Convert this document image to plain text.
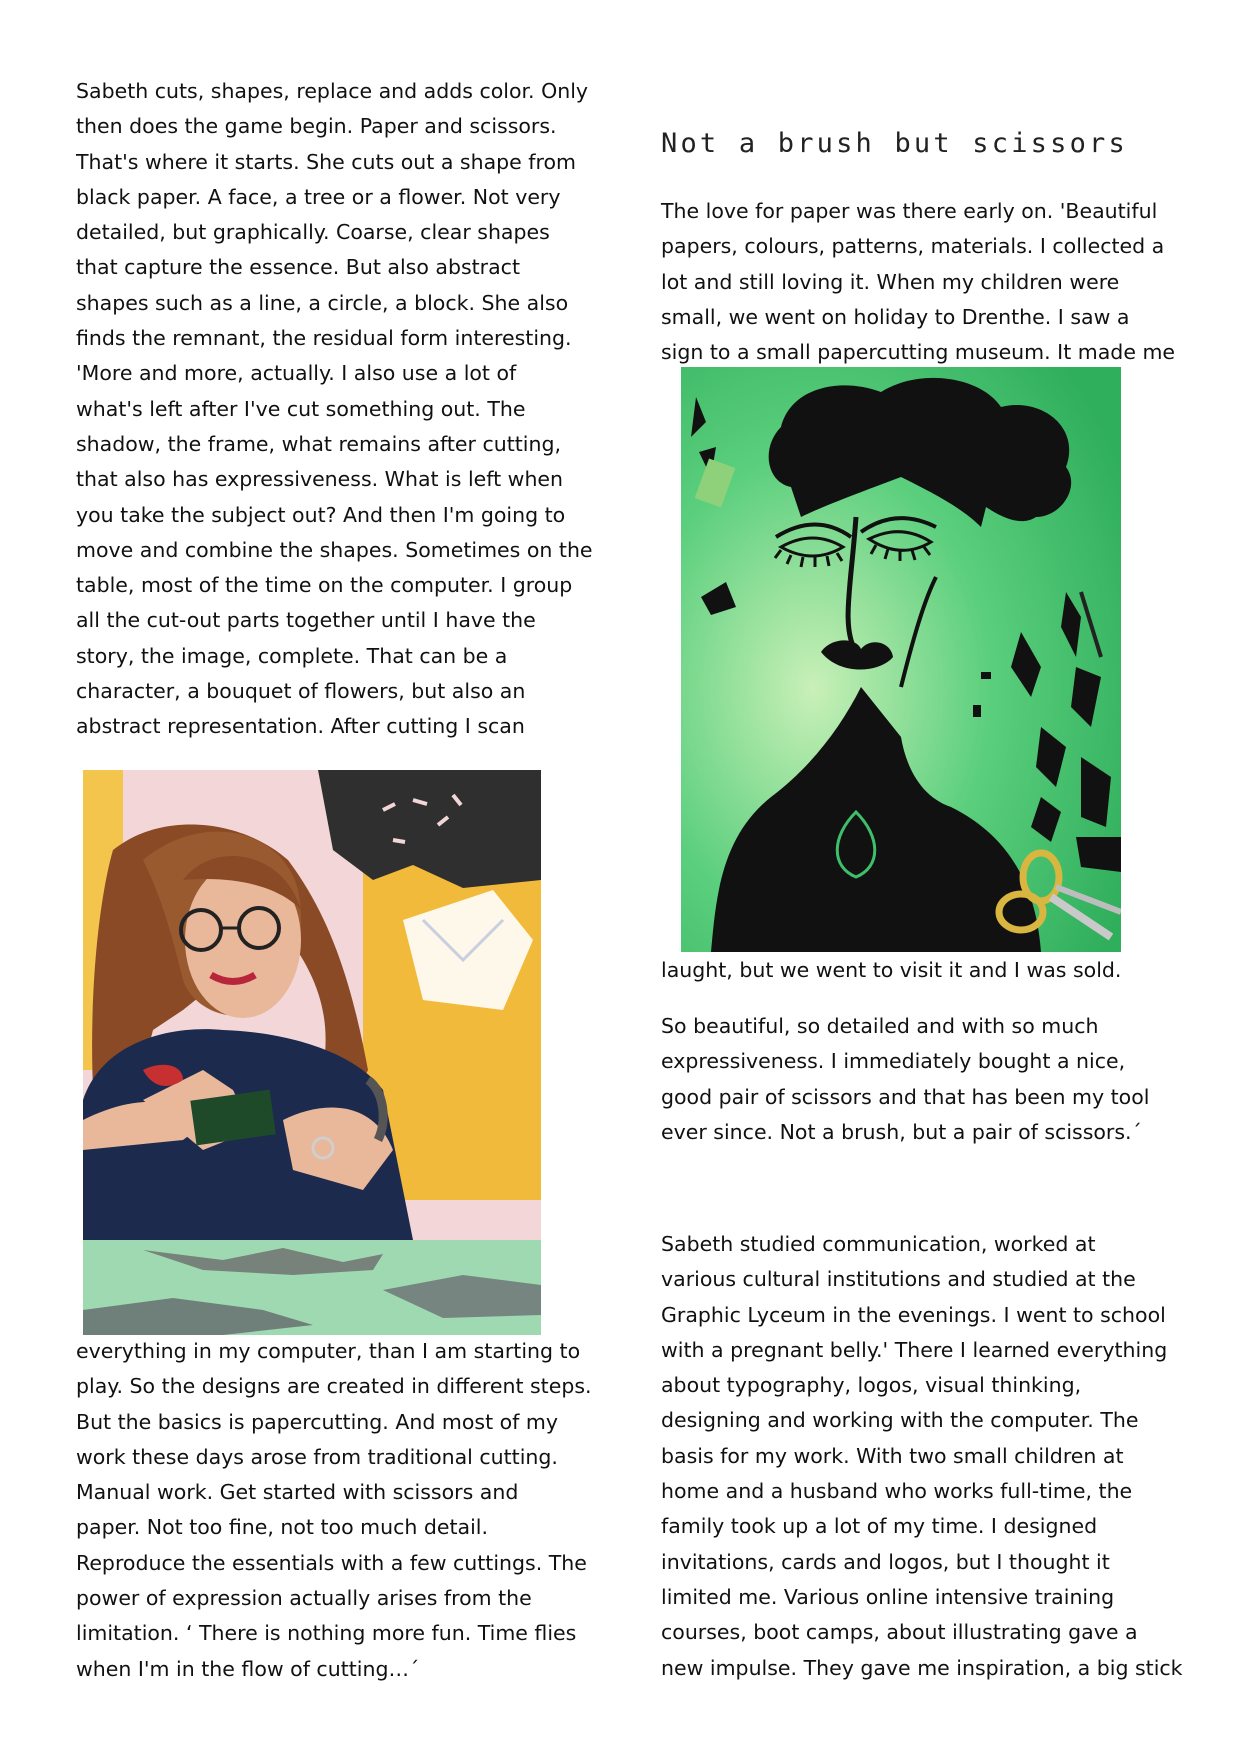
Sabeth cuts, shapes, replace and adds color. Only
then does the game begin. Paper and scissors.
That's where it starts. She cuts out a shape from
black paper. A face, a tree or a flower. Not very
detailed, but graphically. Coarse, clear shapes
that capture the essence. But also abstract
shapes such as a line, a circle, a block. She also
finds the remnant, the residual form interesting.
'More and more, actually. I also use a lot of
what's left after I've cut something out. The
shadow, the frame, what remains after cutting,
that also has expressiveness. What is left when
you take the subject out? And then I'm going to
move and combine the shapes. Sometimes on the
table, most of the time on the computer. I group
all the cut-out parts together until I have the
story, the image, complete. That can be a
character, a bouquet of flowers, but also an
abstract representation. After cutting I scan

everything in my computer, than I am starting to
play. So the designs are created in different steps.
But the basics is papercutting. And most of my
work these days arose from traditional cutting.
Manual work. Get started with scissors and
paper. Not too fine, not too much detail.
Reproduce the essentials with a few cuttings. The
power of expression actually arises from the
limitation. ‘ There is nothing more fun. Time flies
when I'm in the flow of cutting…´

Not a brush but scissors

The love for paper was there early on. 'Beautiful
papers, colours, patterns, materials. I collected a
lot and still loving it. When my children were
small, we went on holiday to Drenthe. I saw a
sign to a small papercutting museum. It made me

laught, but we went to visit it and I was sold.

So beautiful, so detailed and with so much
expressiveness. I immediately bought a nice,
good pair of scissors and that has been my tool
ever since. Not a brush, but a pair of scissors.´

Sabeth studied communication, worked at
various cultural institutions and studied at the
Graphic Lyceum in the evenings. I went to school
with a pregnant belly.' There I learned everything
about typography, logos, visual thinking,
designing and working with the computer. The
basis for my work. With two small children at
home and a husband who works full-time, the
family took up a lot of my time. I designed
invitations, cards and logos, but I thought it
limited me. Various online intensive training
courses, boot camps, about illustrating gave a
new impulse. They gave me inspiration, a big stick
